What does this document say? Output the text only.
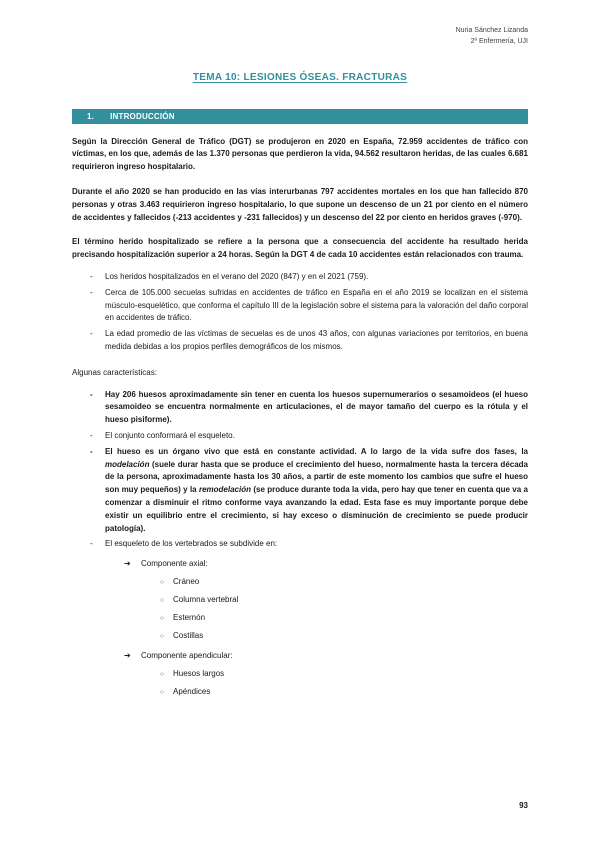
Nuria Sánchez Lizanda
2º Enfermería, UJI
TEMA 10: LESIONES ÓSEAS. FRACTURAS
1. INTRODUCCIÓN

Según la Dirección General de Tráfico (DGT) se produjeron en 2020 en España, 72.959 accidentes de tráfico con víctimas, en los que, además de las 1.370 personas que perdieron la vida, 94.562 resultaron heridas, de las cuales 6.681 requirieron ingreso hospitalario.

Durante el año 2020 se han producido en las vías interurbanas 797 accidentes mortales en los que han fallecido 870 personas y otras 3.463 requirieron ingreso hospitalario, lo que supone un descenso de un 21 por ciento en el número de accidentes y fallecidos (-213 accidentes y -231 fallecidos) y un descenso del 22 por ciento en heridos graves (-970).

El término herido hospitalizado se refiere a la persona que a consecuencia del accidente ha resultado herida precisando hospitalización superior a 24 horas. Según la DGT 4 de cada 10 accidentes están relacionados con trauma.

-	Los heridos hospitalizados en el verano del 2020 (847) y en el 2021 (759).
-	Cerca de 105.000 secuelas sufridas en accidentes de tráfico en España en el año 2019 se localizan en el sistema músculo-esquelético, que conforma el capítulo III de la legislación sobre el sistema para la valoración del daño corporal en accidentes de tráfico.
-	La edad promedio de las víctimas de secuelas es de unos 43 años, con algunas variaciones por territorios, en buena medida debidas a los propios perfiles demográficos de los mismos.

Algunas características:

-	Hay 206 huesos aproximadamente sin tener en cuenta los huesos supernumerarios o sesamoideos (el hueso sesamoideo se encuentra normalmente en articulaciones, el de mayor tamaño del cuerpo es la rótula y el hueso pisiforme).
-	El conjunto conformará el esqueleto.
-	El hueso es un órgano vivo que está en constante actividad. A lo largo de la vida sufre dos fases, la modelación (suele durar hasta que se produce el crecimiento del hueso, normalmente hasta la tercera década de la persona, aproximadamente hasta los 30 años, a partir de este momento los cambios que sufre el hueso son muy pequeños) y la remodelación (se produce durante toda la vida, pero hay que tener en cuenta que va a comenzar a disminuir el ritmo conforme vaya avanzando la edad. Esta fase es muy importante porque debe existir un equilibrio entre el crecimiento, si hay exceso o disminución de crecimiento se puede producir patología).
-	El esqueleto de los vertebrados se subdivide en:
➔	Componente axial:
○	Cráneo
○	Columna vertebral
○	Esternón
○	Costillas
➔	Componente apendicular:
○	Huesos largos
○	Apéndices
93
